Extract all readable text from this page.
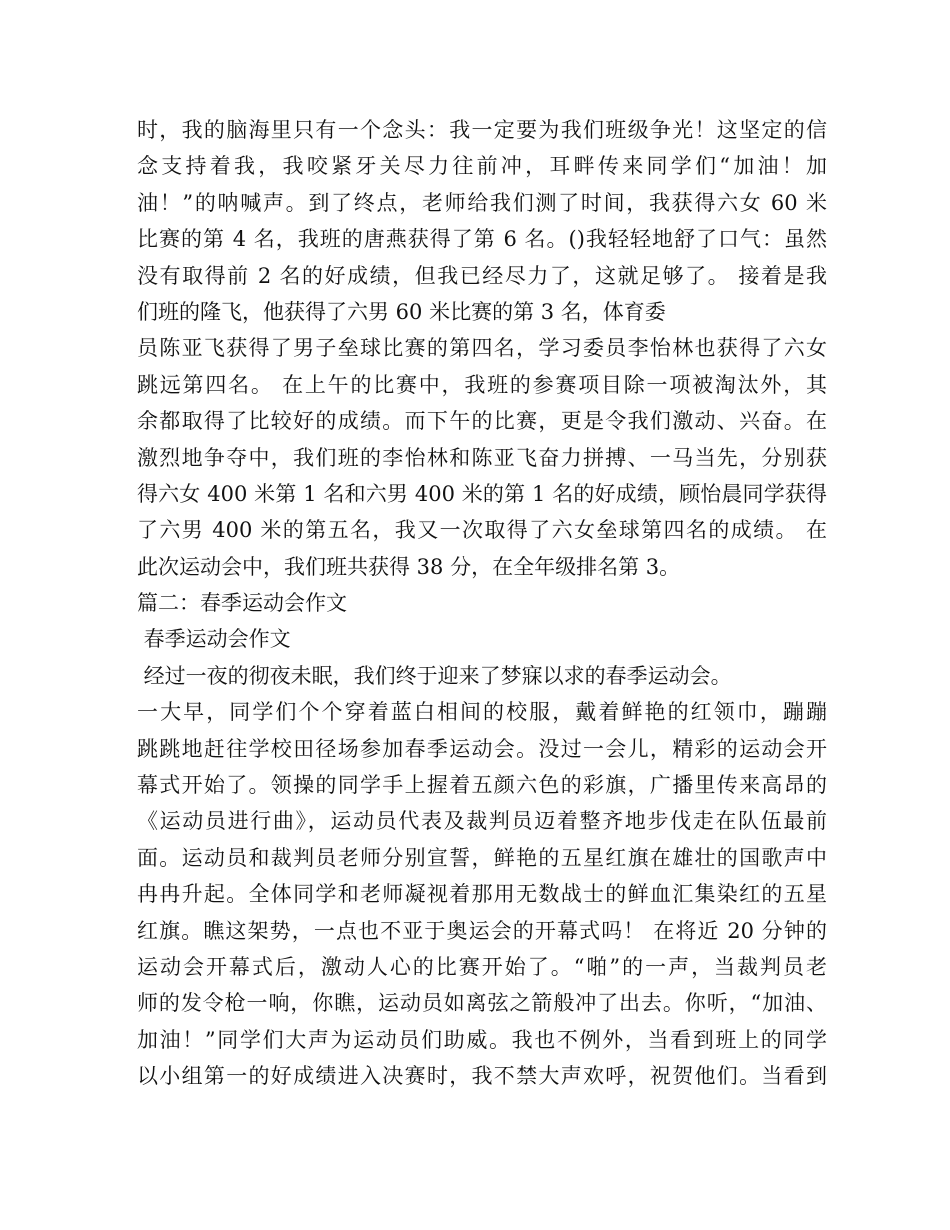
时，我的脑海里只有一个念头：我一定要为我们班级争光！这坚定的信
念支持着我，我咬紧牙关尽力往前冲，耳畔传来同学们“加油！加
油！”的呐喊声。到了终点，老师给我们测了时间，我获得六女 60 米
比赛的第 4 名，我班的唐燕获得了第 6 名。()我轻轻地舒了口气：虽然
没有取得前 2 名的好成绩，但我已经尽力了，这就足够了。 接着是我
们班的隆飞，他获得了六男 60 米比赛的第 3 名，体育委
员陈亚飞获得了男子垒球比赛的第四名，学习委员李怡林也获得了六女
跳远第四名。 在上午的比赛中，我班的参赛项目除一项被淘汰外，其
余都取得了比较好的成绩。而下午的比赛，更是令我们激动、兴奋。在
激烈地争夺中，我们班的李怡林和陈亚飞奋力拼搏、一马当先，分别获
得六女 400 米第 1 名和六男 400 米的第 1 名的好成绩，顾怡晨同学获得
了六男 400 米的第五名，我又一次取得了六女垒球第四名的成绩。 在
此次运动会中，我们班共获得 38 分，在全年级排名第 3。
篇二：春季运动会作文
春季运动会作文
经过一夜的彻夜未眠，我们终于迎来了梦寐以求的春季运动会。
一大早，同学们个个穿着蓝白相间的校服，戴着鲜艳的红领巾，蹦蹦
跳跳地赶往学校田径场参加春季运动会。没过一会儿，精彩的运动会开
幕式开始了。领操的同学手上握着五颜六色的彩旗，广播里传来高昂的
《运动员进行曲》，运动员代表及裁判员迈着整齐地步伐走在队伍最前
面。运动员和裁判员老师分别宣誓，鲜艳的五星红旗在雄壮的国歌声中
冉冉升起。全体同学和老师凝视着那用无数战士的鲜血汇集染红的五星
红旗。瞧这架势，一点也不亚于奥运会的开幕式吗！ 在将近 20 分钟的
运动会开幕式后，激动人心的比赛开始了。“啪”的一声，当裁判员老
师的发令枪一响，你瞧，运动员如离弦之箭般冲了出去。你听，“加油、
加油！”同学们大声为运动员们助威。我也不例外，当看到班上的同学
以小组第一的好成绩进入决赛时，我不禁大声欢呼，祝贺他们。当看到
